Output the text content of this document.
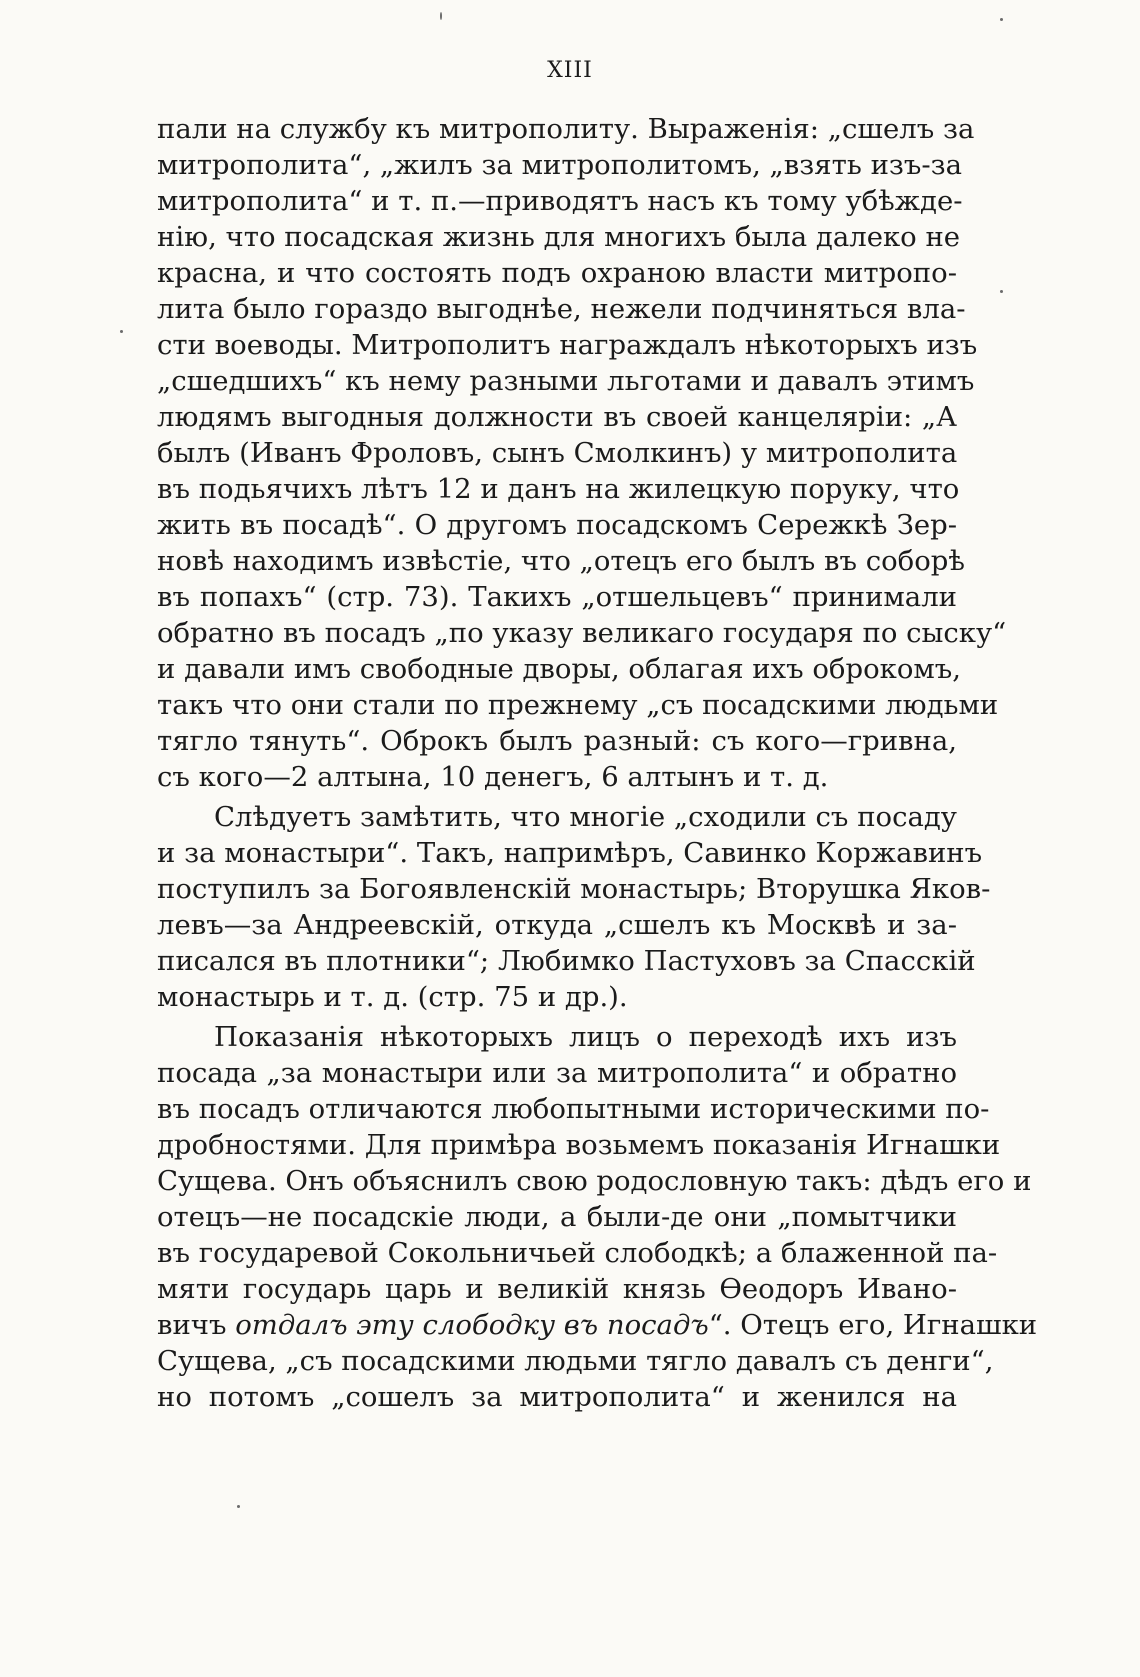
XIII
пали на службу къ митрополиту. Выраженія: „сшелъ за
митрополита“, „жилъ за митрополитомъ, „взять изъ-за
митрополита“ и т. п.—приводятъ насъ къ тому убѣжде-
нію, что посадская жизнь для многихъ была далеко не
красна, и что состоять подъ охраною власти митропо-
лита было гораздо выгоднѣе, нежели подчиняться вла-
сти воеводы. Митрополитъ награждалъ нѣкоторыхъ изъ
„сшедшихъ“ къ нему разными льготами и давалъ этимъ
людямъ выгодныя должности въ своей канцеляріи: „А
былъ (Иванъ Фроловъ, сынъ Смолкинъ) у митрополита
въ подьячихъ лѣтъ 12 и данъ на жилецкую поруку, что
жить въ посадѣ“. О другомъ посадскомъ Сережкѣ Зер-
новѣ находимъ извѣстіе, что „отецъ его былъ въ соборѣ
въ попахъ“ (стр. 73). Такихъ „отшельцевъ“ принимали
обратно въ посадъ „по указу великаго государя по сыску“
и давали имъ свободные дворы, облагая ихъ оброкомъ,
такъ что они стали по прежнему „съ посадскими людьми
тягло тянуть“. Оброкъ былъ разный: съ кого—гривна,
съ кого—2 алтына, 10 денегъ, 6 алтынъ и т. д.
Слѣдуетъ замѣтить, что многіе „сходили съ посаду
и за монастыри“. Такъ, напримѣръ, Савинко Коржавинъ
поступилъ за Богоявленскій монастырь; Вторушка Яков-
левъ—за Андреевскій, откуда „сшелъ къ Москвѣ и за-
писался въ плотники“; Любимко Пастуховъ за Спасскій
монастырь и т. д. (стр. 75 и др.).
Показанія нѣкоторыхъ лицъ о переходѣ ихъ изъ
посада „за монастыри или за митрополита“ и обратно
въ посадъ отличаются любопытными историческими по-
дробностями. Для примѣра возьмемъ показанія Игнашки
Сущева. Онъ объяснилъ свою родословную такъ: дѣдъ его и
отецъ—не посадскіе люди, а были-де они „помытчики
въ государевой Сокольничьей слободкѣ; а блаженной па-
мяти государь царь и великій князь Ѳеодоръ Ивано-
вичъ отдалъ эту слободку въ посадъ“. Отецъ его, Игнашки
Сущева, „съ посадскими людьми тягло давалъ съ денги“,
но потомъ „сошелъ за митрополита“ и женился на
